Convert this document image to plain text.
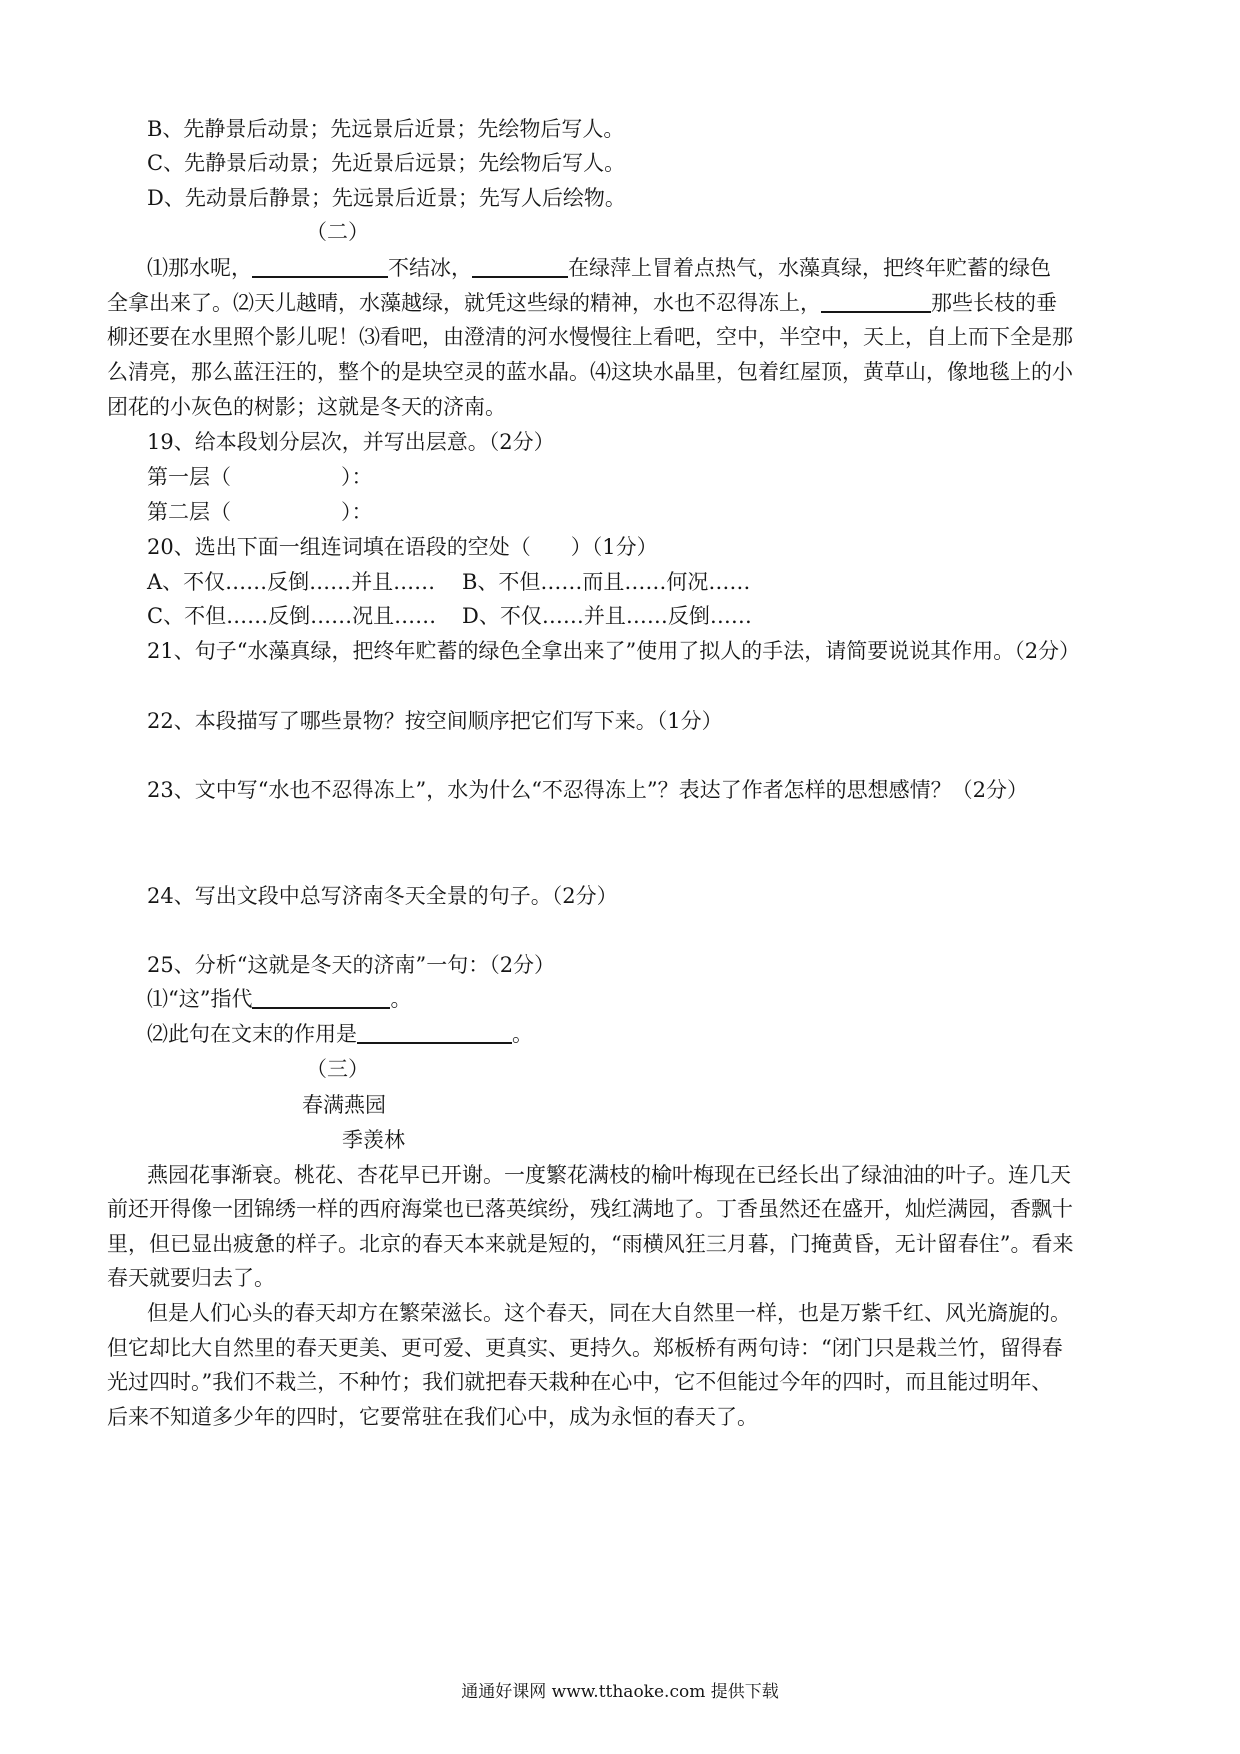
B、先静景后动景；先远景后近景；先绘物后写人。
C、先静景后动景；先近景后远景；先绘物后写人。
D、先动景后静景；先远景后近景；先写人后绘物。
（二）
⑴那水呢，	不结冰，	在绿萍上冒着点热气，水藻真绿，把终年贮蓄的绿色
全拿出来了。⑵天儿越晴，水藻越绿，就凭这些绿的精神，水也不忍得冻上，	那些长枝的垂
柳还要在水里照个影儿呢！⑶看吧，由澄清的河水慢慢往上看吧，空中，半空中，天上，自上而下全是那
么清亮，那么蓝汪汪的，整个的是块空灵的蓝水晶。⑷这块水晶里，包着红屋顶，黄草山，像地毯上的小
团花的小灰色的树影；这就是冬天的济南。
19、给本段划分层次，并写出层意。（2分）
第一层（	）：
第二层（	）：
20、选出下面一组连词填在语段的空处（ ）（1分）
A、不仅……反倒……并且…… B、不但……而且……何况……
C、不但……反倒……况且…… D、不仅……并且……反倒……
21、句子“水藻真绿，把终年贮蓄的绿色全拿出来了”使用了拟人的手法，请简要说说其作用。（2分）
22、本段描写了哪些景物？按空间顺序把它们写下来。（1分）
23、文中写“水也不忍得冻上”，水为什么“不忍得冻上”？表达了作者怎样的思想感情？（2分）
24、写出文段中总写济南冬天全景的句子。（2分）
25、分析“这就是冬天的济南”一句：（2分）
⑴“这”指代	。
⑵此句在文末的作用是	。
（三）
春满燕园
季羡林
燕园花事渐衰。桃花、杏花早已开谢。一度繁花满枝的榆叶梅现在已经长出了绿油油的叶子。连几天
前还开得像一团锦绣一样的西府海棠也已落英缤纷，残红满地了。丁香虽然还在盛开，灿烂满园，香飘十
里，但已显出疲惫的样子。北京的春天本来就是短的，“雨横风狂三月暮，门掩黄昏，无计留春住”。看来
春天就要归去了。
但是人们心头的春天却方在繁荣滋长。这个春天，同在大自然里一样，也是万紫千红、风光旖旎的。
但它却比大自然里的春天更美、更可爱、更真实、更持久。郑板桥有两句诗：“闭门只是栽兰竹，留得春
光过四时。”我们不栽兰，不种竹；我们就把春天栽种在心中，它不但能过今年的四时，而且能过明年、
后来不知道多少年的四时，它要常驻在我们心中，成为永恒的春天了。
通通好课网 www.tthaoke.com 提供下载
